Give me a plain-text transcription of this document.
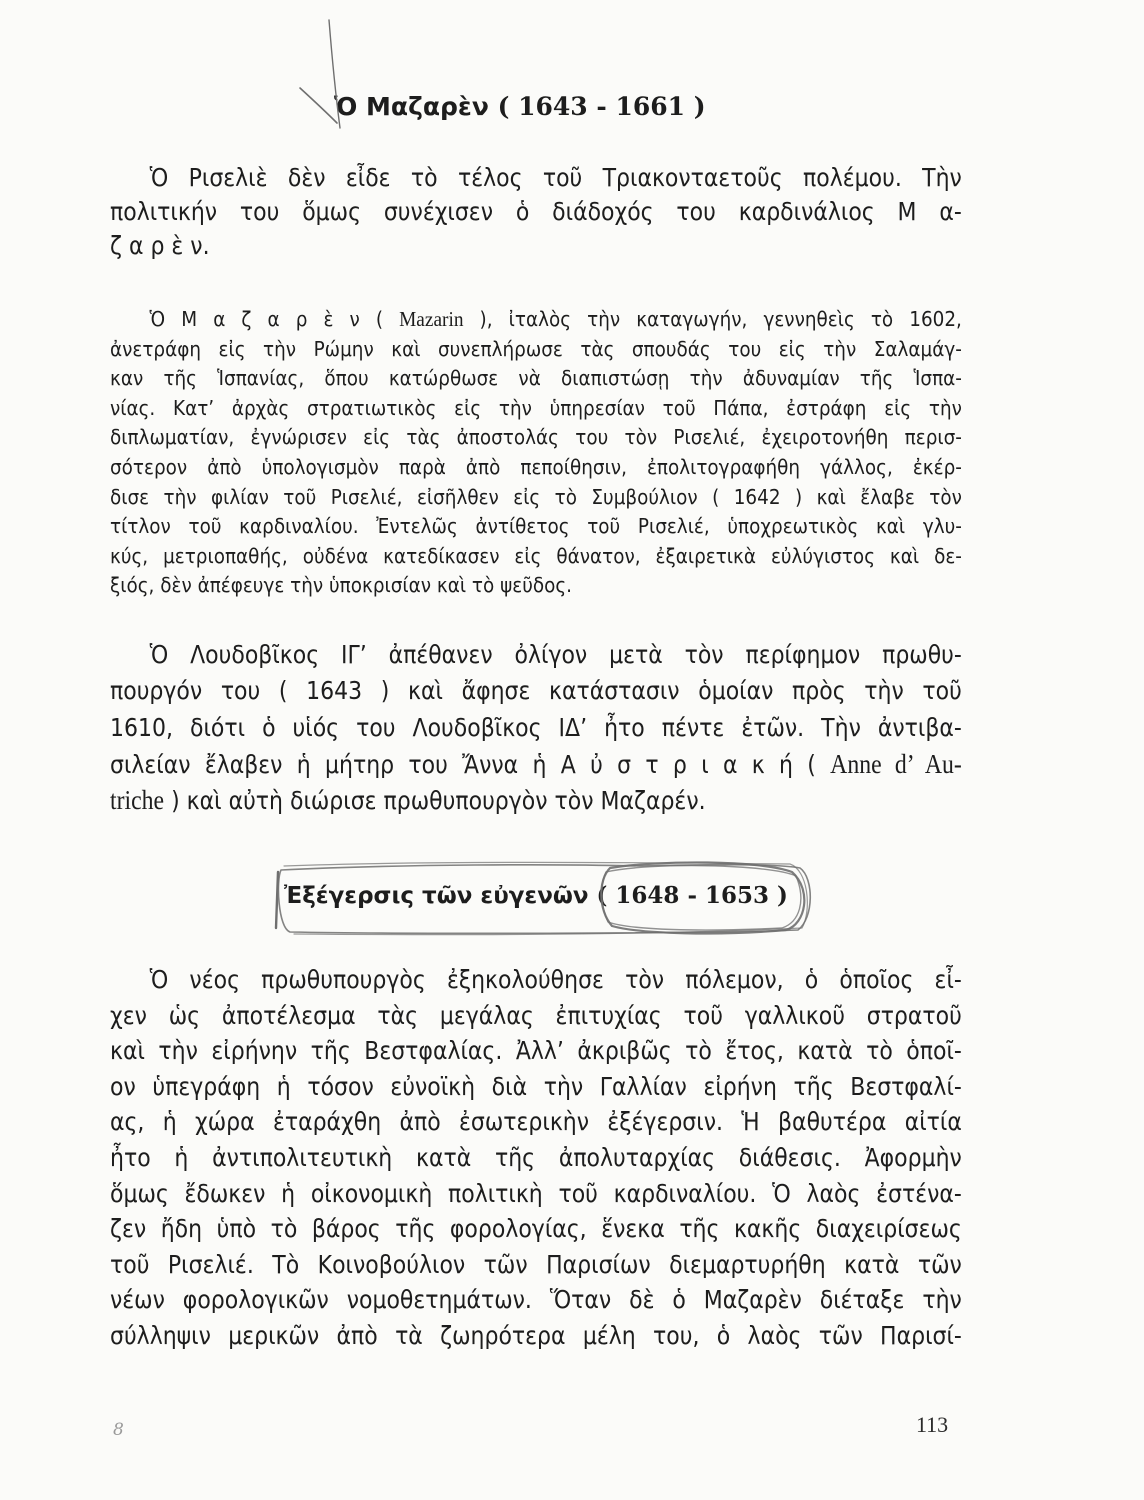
Ὁ Μαζαρὲν ( 1643 - 1661 )
Ὁ Ρισελιὲ δὲν εἶδε τὸ τέλος τοῦ Τριακονταετοῦς πολέμου. Τὴν
πολιτικήν του ὅμως συνέχισεν ὁ διάδοχός του καρδινάλιος Μ α-
ζ α ρ ὲ ν.
Ὁ Μ α ζ α ρ ὲ ν ( Mazarin ), ἰταλὸς τὴν καταγωγήν, γεννηθεὶς τὸ 1602,
ἀνετράφη εἰς τὴν Ρώμην καὶ συνεπλήρωσε τὰς σπουδάς του εἰς τὴν Σαλαμάγ-
καν τῆς Ἱσπανίας, ὅπου κατώρθωσε νὰ διαπιστώσῃ τὴν ἀδυναμίαν τῆς Ἱσπα-
νίας. Κατ’ ἀρχὰς στρατιωτικὸς εἰς τὴν ὑπηρεσίαν τοῦ Πάπα, ἐστράφη εἰς τὴν
διπλωματίαν, ἐγνώρισεν εἰς τὰς ἀποστολάς του τὸν Ρισελιέ, ἐχειροτονήθη περισ-
σότερον ἀπὸ ὑπολογισμὸν παρὰ ἀπὸ πεποίθησιν, ἐπολιτογραφήθη γάλλος, ἐκέρ-
δισε τὴν φιλίαν τοῦ Ρισελιέ, εἰσῆλθεν εἰς τὸ Συμβούλιον ( 1642 ) καὶ ἔλαβε τὸν
τίτλον τοῦ καρδιναλίου. Ἐντελῶς ἀντίθετος τοῦ Ρισελιέ, ὑποχρεωτικὸς καὶ γλυ-
κύς, μετριοπαθής, οὐδένα κατεδίκασεν εἰς θάνατον, ἐξαιρετικὰ εὐλύγιστος καὶ δε-
ξιός, δὲν ἀπέφευγε τὴν ὑποκρισίαν καὶ τὸ ψεῦδος.
Ὁ Λουδοβῖκος ΙΓ’ ἀπέθανεν ὀλίγον μετὰ τὸν περίφημον πρωθυ-
πουργόν του ( 1643 ) καὶ ἄφησε κατάστασιν ὁμοίαν πρὸς τὴν τοῦ
1610, διότι ὁ υἱός του Λουδοβῖκος ΙΔ’ ἦτο πέντε ἐτῶν. Τὴν ἀντιβα-
σιλείαν ἔλαβεν ἡ μήτηρ του Ἄννα ἡ Α ὐ σ τ ρ ι α κ ή ( Anne d’ Au-
triche ) καὶ αὐτὴ διώρισε πρωθυπουργὸν τὸν Μαζαρέν.
Ἐξέγερσις τῶν εὐγενῶν ( 1648 - 1653 )
Ὁ νέος πρωθυπουργὸς ἐξηκολούθησε τὸν πόλεμον, ὁ ὁποῖος εἶ-
χεν ὡς ἀποτέλεσμα τὰς μεγάλας ἐπιτυχίας τοῦ γαλλικοῦ στρατοῦ
καὶ τὴν εἰρήνην τῆς Βεστφαλίας. Ἀλλ’ ἀκριβῶς τὸ ἔτος, κατὰ τὸ ὁποῖ-
ον ὑπεγράφη ἡ τόσον εὐνοϊκὴ διὰ τὴν Γαλλίαν εἰρήνη τῆς Βεστφαλί-
ας, ἡ χώρα ἐταράχθη ἀπὸ ἐσωτερικὴν ἐξέγερσιν. Ἡ βαθυτέρα αἰτία
ἦτο ἡ ἀντιπολιτευτικὴ κατὰ τῆς ἀπολυταρχίας διάθεσις. Ἀφορμὴν
ὅμως ἔδωκεν ἡ οἰκονομικὴ πολιτικὴ τοῦ καρδιναλίου. Ὁ λαὸς ἐστένα-
ζεν ἤδη ὑπὸ τὸ βάρος τῆς φορολογίας, ἕνεκα τῆς κακῆς διαχειρίσεως
τοῦ Ρισελιέ. Τὸ Κοινοβούλιον τῶν Παρισίων διεμαρτυρήθη κατὰ τῶν
νέων φορολογικῶν νομοθετημάτων. Ὅταν δὲ ὁ Μαζαρὲν διέταξε τὴν
σύλληψιν μερικῶν ἀπὸ τὰ ζωηρότερα μέλη του, ὁ λαὸς τῶν Παρισί-
8	113
